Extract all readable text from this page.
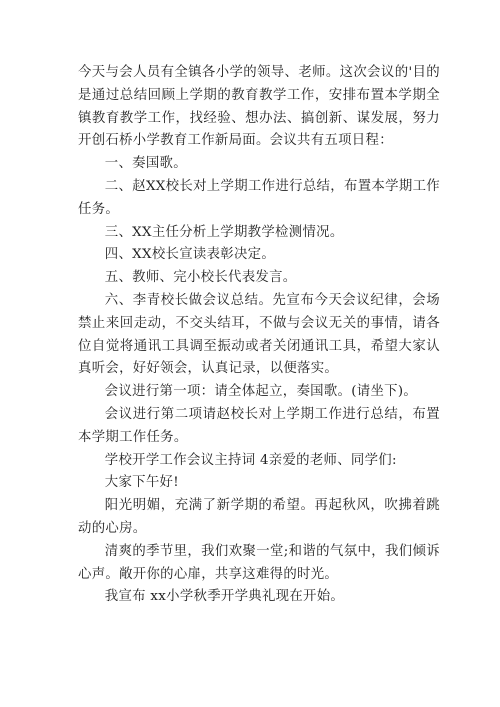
今天与会人员有全镇各小学的领导、老师。这次会议的'目的是通过总结回顾上学期的教育教学工作，安排布置本学期全镇教育教学工作，找经验、想办法、搞创新、谋发展，努力开创石桥小学教育工作新局面。会议共有五项日程：

一、奏国歌。

二、赵XX校长对上学期工作进行总结，布置本学期工作任务。

三、XX主任分析上学期教学检测情况。

四、XX校长宣读表彰决定。

五、教师、完小校长代表发言。

六、李青校长做会议总结。先宣布今天会议纪律，会场禁止来回走动，不交头结耳，不做与会议无关的事情，请各位自觉将通讯工具调至振动或者关闭通讯工具，希望大家认真听会，好好领会，认真记录，以便落实。

会议进行第一项：请全体起立，奏国歌。(请坐下)。

会议进行第二项请赵校长对上学期工作进行总结，布置本学期工作任务。

学校开学工作会议主持词 4亲爱的老师、同学们:

大家下午好!

阳光明媚，充满了新学期的希望。再起秋风，吹拂着跳动的心房。

清爽的季节里，我们欢聚一堂;和谐的气氛中，我们倾诉心声。敞开你的心扉，共享这难得的时光。

我宣布 xx小学秋季开学典礼现在开始。
